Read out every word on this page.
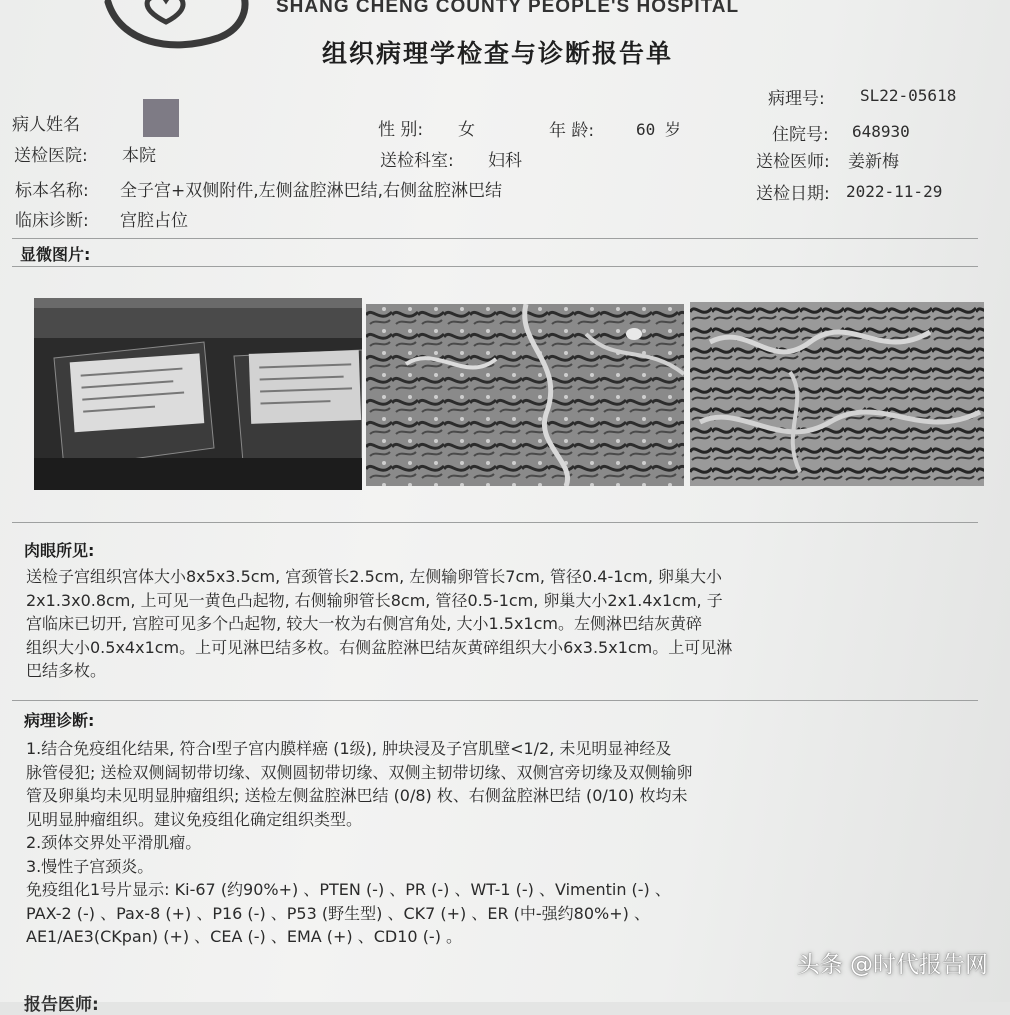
SHANG CHENG COUNTY PEOPLE'S HOSPITAL
组织病理学检查与诊断报告单
病理号: SL22-05618
病人姓名	性 别: 女	年 龄:	60 岁	住院号: 648930
送检医院: 本院	送检科室: 妇科	送检医师: 姜新梅
标本名称: 全子宫+双侧附件,左侧盆腔淋巴结,右侧盆腔淋巴结	送检日期: 2022-11-29
临床诊断: 宫腔占位
显微图片:
肉眼所见:
送检子宫组织宫体大小8x5x3.5cm, 宫颈管长2.5cm, 左侧输卵管长7cm, 管径0.4-1cm, 卵巢大小
2x1.3x0.8cm, 上可见一黄色凸起物, 右侧输卵管长8cm, 管径0.5-1cm, 卵巢大小2x1.4x1cm, 子
宫临床已切开, 宫腔可见多个凸起物, 较大一枚为右侧宫角处, 大小1.5x1cm。左侧淋巴结灰黄碎
组织大小0.5x4x1cm。上可见淋巴结多枚。右侧盆腔淋巴结灰黄碎组织大小6x3.5x1cm。上可见淋
巴结多枚。
病理诊断:
1.结合免疫组化结果, 符合I型子宫内膜样癌 (1级), 肿块浸及子宫肌壁<1/2, 未见明显神经及
脉管侵犯; 送检双侧阔韧带切缘、双侧圆韧带切缘、双侧主韧带切缘、双侧宫旁切缘及双侧输卵
管及卵巢均未见明显肿瘤组织; 送检左侧盆腔淋巴结 (0/8) 枚、右侧盆腔淋巴结 (0/10) 枚均未
见明显肿瘤组织。建议免疫组化确定组织类型。
2.颈体交界处平滑肌瘤。
3.慢性子宫颈炎。
免疫组化1号片显示: Ki-67 (约90%+) 、PTEN (-) 、PR (-) 、WT-1 (-) 、Vimentin (-) 、
PAX-2 (-) 、Pax-8 (+) 、P16 (-) 、P53 (野生型) 、CK7 (+) 、ER (中-强约80%+) 、
AE1/AE3(CKpan) (+) 、CEA (-) 、EMA (+) 、CD10 (-) 。
报告医师:
头条 @时代报告网
